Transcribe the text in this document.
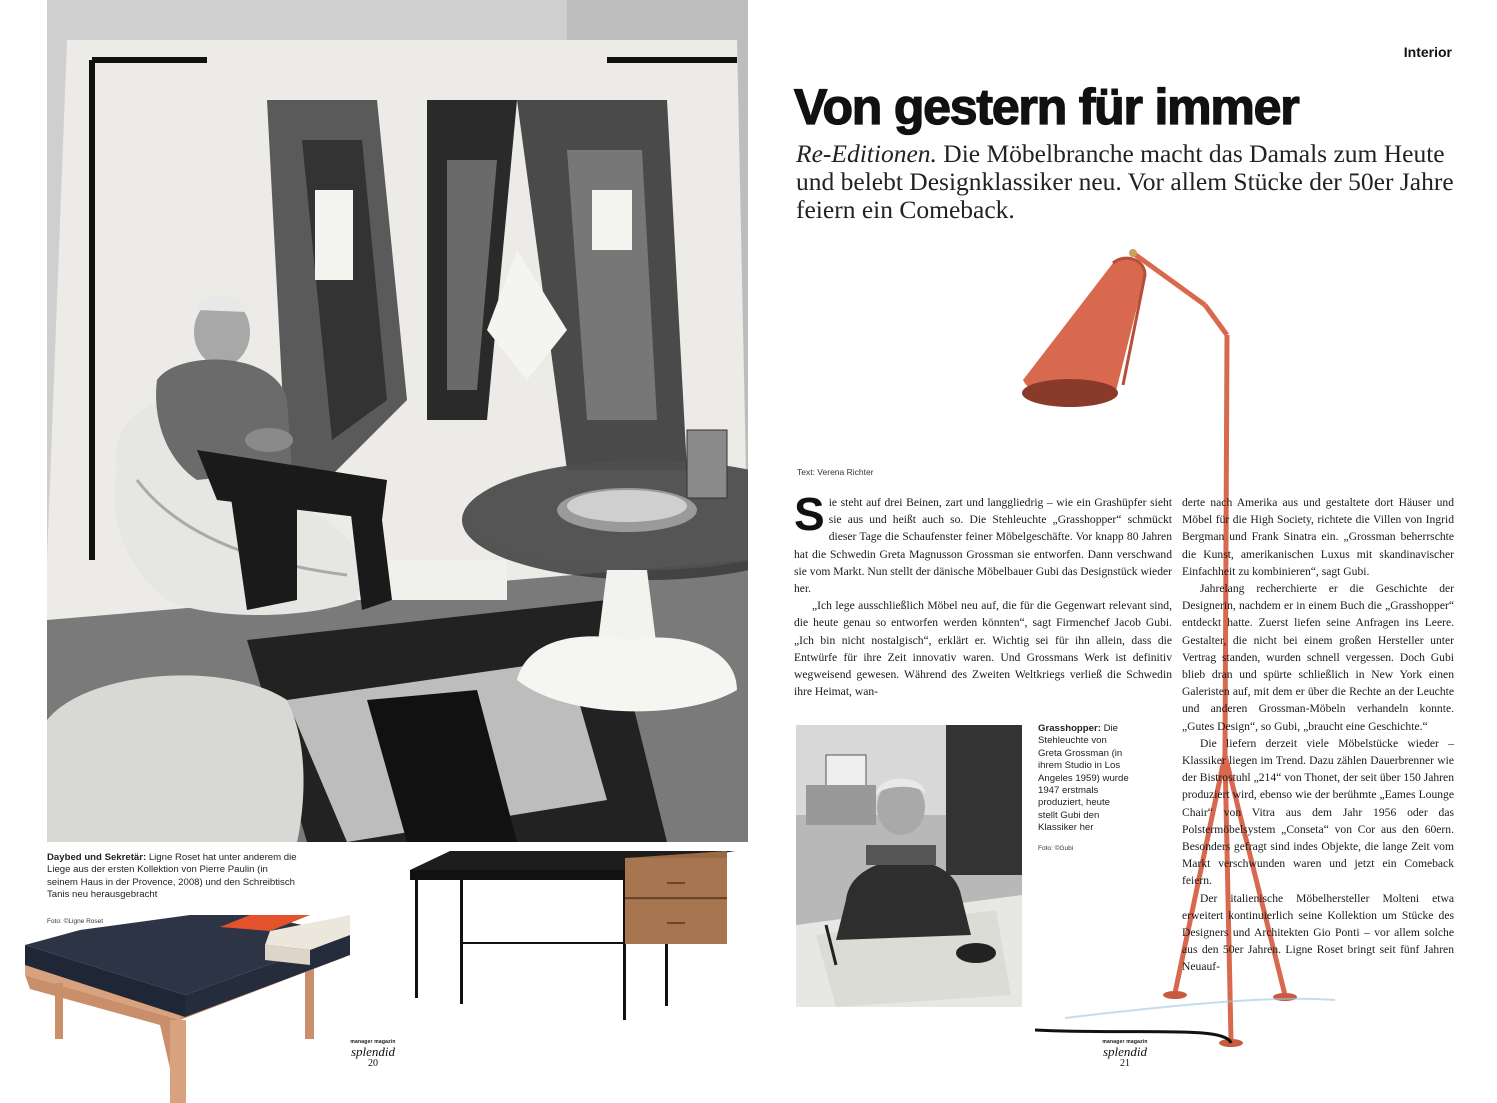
Daybed und Sekretär: Ligne Roset hat unter anderem die Liege aus der ersten Kollektion von Pierre Paulin (in seinem Haus in der Provence, 2008) und den Schreibtisch Tanis neu herausgebracht
Foto: ©Ligne Roset
manager magazin
splendid
20
Interior
Von gestern für immer
Re-Editionen. Die Möbelbranche macht das Damals zum Heute und belebt Designklassiker neu. Vor allem Stücke der 50er Jahre feiern ein Comeback.
Text: Verena Richter

Sie steht auf drei Beinen, zart und langgliedrig – wie ein Grashüpfer sieht sie aus und heißt auch so. Die Stehleuchte „Grasshopper“ schmückt dieser Tage die Schaufenster feiner Möbelgeschäfte. Vor knapp 80 Jahren hat die Schwedin Greta Magnusson Grossman sie entworfen. Dann verschwand sie vom Markt. Nun stellt der dänische Möbelbauer Gubi das Designstück wieder her.

„Ich lege ausschließlich Möbel neu auf, die für die Gegenwart relevant sind, die heute genau so entworfen werden könnten“, sagt Firmenchef Jacob Gubi. „Ich bin nicht nostalgisch“, erklärt er. Wichtig sei für ihn allein, dass die Entwürfe für ihre Zeit innovativ waren. Und Grossmans Werk ist definitiv wegweisend gewesen. Während des Zweiten Weltkriegs verließ die Schwedin ihre Heimat, wan-

derte nach Amerika aus und gestaltete dort Häuser und Möbel für die High Society, richtete die Villen von Ingrid Bergman und Frank Sinatra ein. „Grossman beherrschte die Kunst, amerikanischen Luxus mit skandinavischer Einfachheit zu kombinieren“, sagt Gubi.

Jahrelang recherchierte er die Geschichte der Designerin, nachdem er in einem Buch die „Grasshopper“ entdeckt hatte. Zuerst liefen seine Anfragen ins Leere. Gestalter, die nicht bei einem großen Hersteller unter Vertrag standen, wurden schnell vergessen. Doch Gubi blieb dran und spürte schließlich in New York einen Galeristen auf, mit dem er über die Rechte an der Leuchte und anderen Grossman-Möbeln verhandeln konnte. „Gutes Design“, so Gubi, „braucht eine Geschichte.“

Die liefern derzeit viele Möbelstücke wieder – Klassiker liegen im Trend. Dazu zählen Dauerbrenner wie der Bistrostuhl „214“ von Thonet, der seit über 150 Jahren produziert wird, ebenso wie der berühmte „Eames Lounge Chair“ von Vitra aus dem Jahr 1956 oder das Polstermöbelsystem „Conseta“ von Cor aus den 60ern. Besonders gefragt sind indes Objekte, die lange Zeit vom Markt verschwunden waren und jetzt ein Comeback feiern.

Der italienische Möbelhersteller Molteni etwa erweitert kontinuierlich seine Kollektion um Stücke des Designers und Architekten Gio Ponti – vor allem solche aus den 50er Jahren. Ligne Roset bringt seit fünf Jahren Neuauf-

Grasshopper: Die Stehleuchte von Greta Grossman (in ihrem Studio in Los Angeles 1959) wurde 1947 erstmals produziert, heute stellt Gubi den Klassiker her
Foto: ©Gubi
manager magazin
splendid
21
